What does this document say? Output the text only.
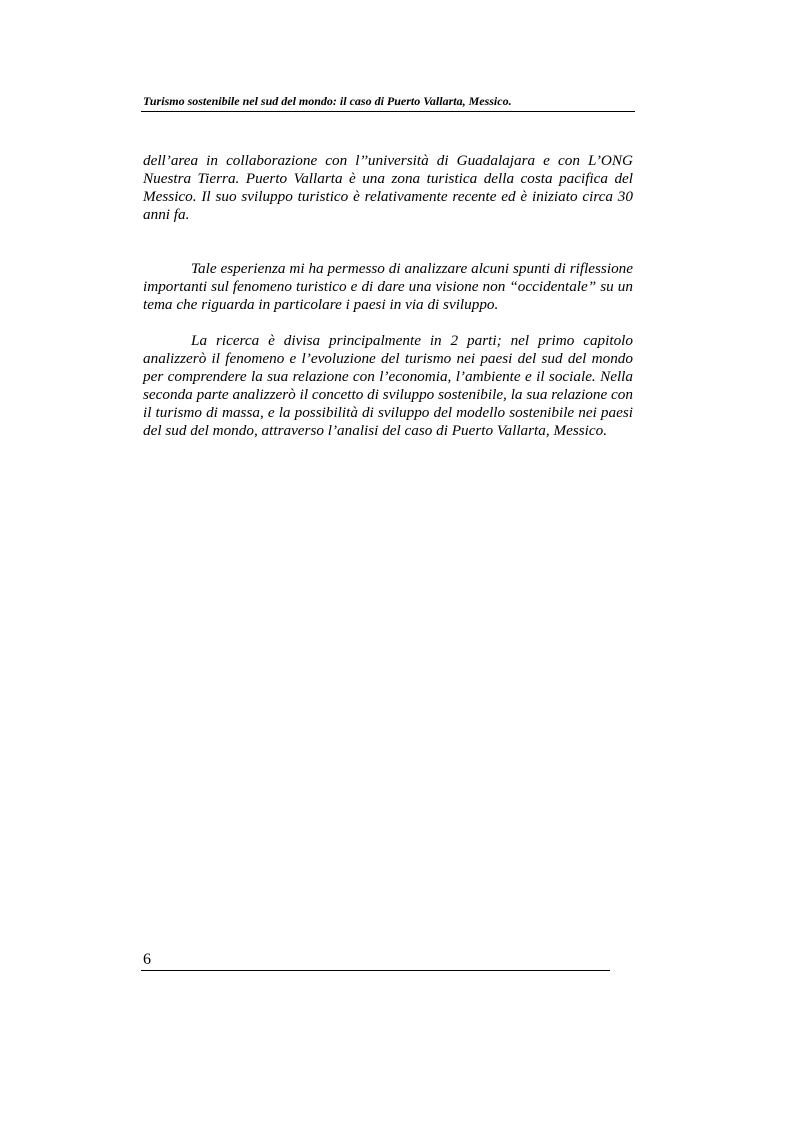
Turismo sostenibile nel sud del mondo: il caso di Puerto Vallarta, Messico.

dell’area in collaborazione con l’’università di Guadalajara e con L’ONG Nuestra Tierra. Puerto Vallarta è una zona turistica della costa pacifica del Messico. Il suo sviluppo turistico è relativamente recente ed è iniziato circa 30 anni fa.

Tale esperienza mi ha permesso di analizzare alcuni spunti di riflessione importanti sul fenomeno turistico e di dare una visione non “occidentale” su un tema che riguarda in particolare i paesi in via di sviluppo.

La ricerca è divisa principalmente in 2 parti; nel primo capitolo analizzerò il fenomeno e l’evoluzione del turismo nei paesi del sud del mondo per comprendere la sua relazione con l’economia, l’ambiente e il sociale. Nella seconda parte analizzerò il concetto di sviluppo sostenibile, la sua relazione con il turismo di massa, e la possibilità di sviluppo del modello sostenibile nei paesi del sud del mondo, attraverso l’analisi del caso di Puerto Vallarta, Messico.

6
